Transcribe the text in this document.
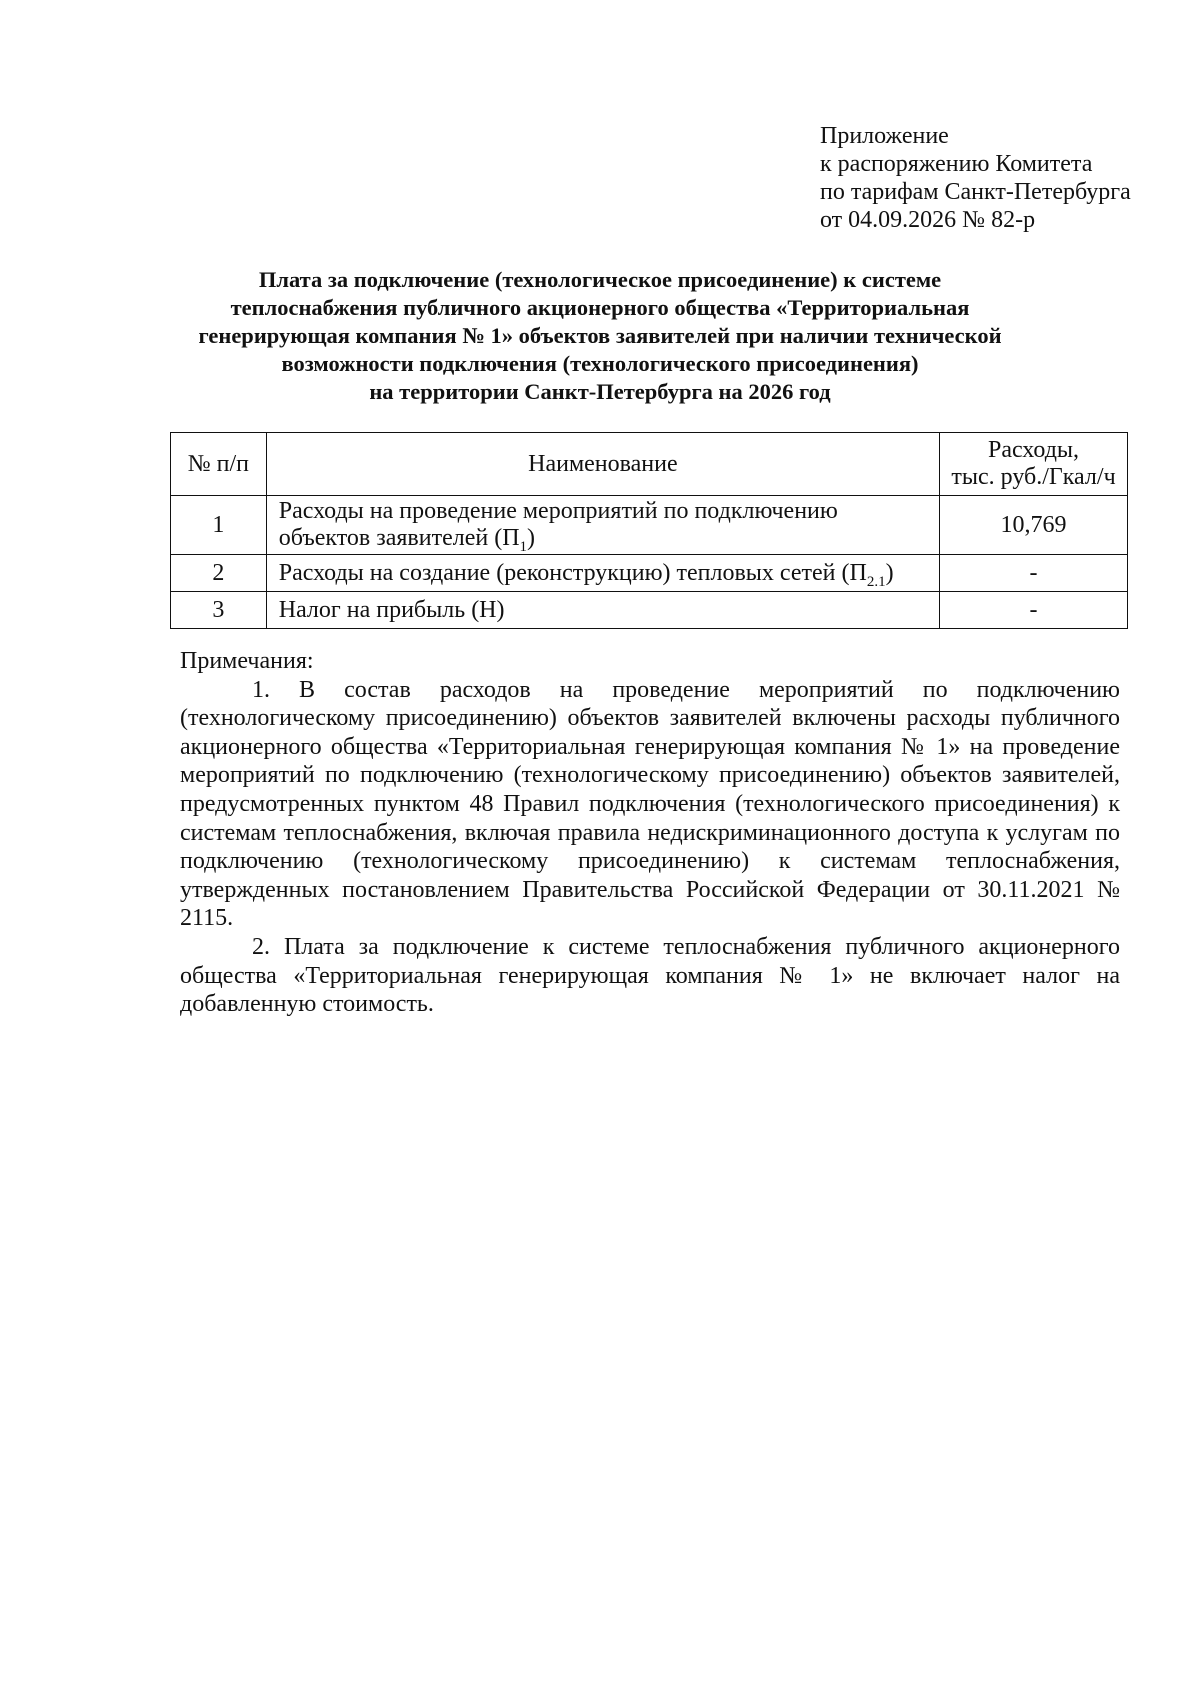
Приложение
к распоряжению Комитета
по тарифам Санкт-Петербурга
от 04.09.2026 № 82-р
Плата за подключение (технологическое присоединение) к системе
теплоснабжения публичного акционерного общества «Территориальная
генерирующая компания № 1» объектов заявителей при наличии технической
возможности подключения (технологического присоединения)
на территории Санкт-Петербурга на 2026 год
№ п/п	Наименование	Расходы,
тыс. руб./Гкал/ч
1	Расходы на проведение мероприятий по подключению
объектов заявителей $(П_1)$	10,769
2	Расходы на создание (реконструкцию) тепловых сетей $(П_{2.1})$	-
3	Налог на прибыль (Н)	-

Примечания:

1. В состав расходов на проведение мероприятий по подключению (технологическому присоединению) объектов заявителей включены расходы публичного акционерного общества «Территориальная генерирующая компания № 1» на проведение мероприятий по подключению (технологическому присоединению) объектов заявителей, предусмотренных пунктом 48 Правил подключения (технологического присоединения) к системам теплоснабжения, включая правила недискриминационного доступа к услугам по подключению (технологическому присоединению) к системам теплоснабжения, утвержденных постановлением Правительства Российской Федерации от 30.11.2021 № 2115.

2. Плата за подключение к системе теплоснабжения публичного акционерного общества «Территориальная генерирующая компания № 1» не включает налог на добавленную стоимость.
